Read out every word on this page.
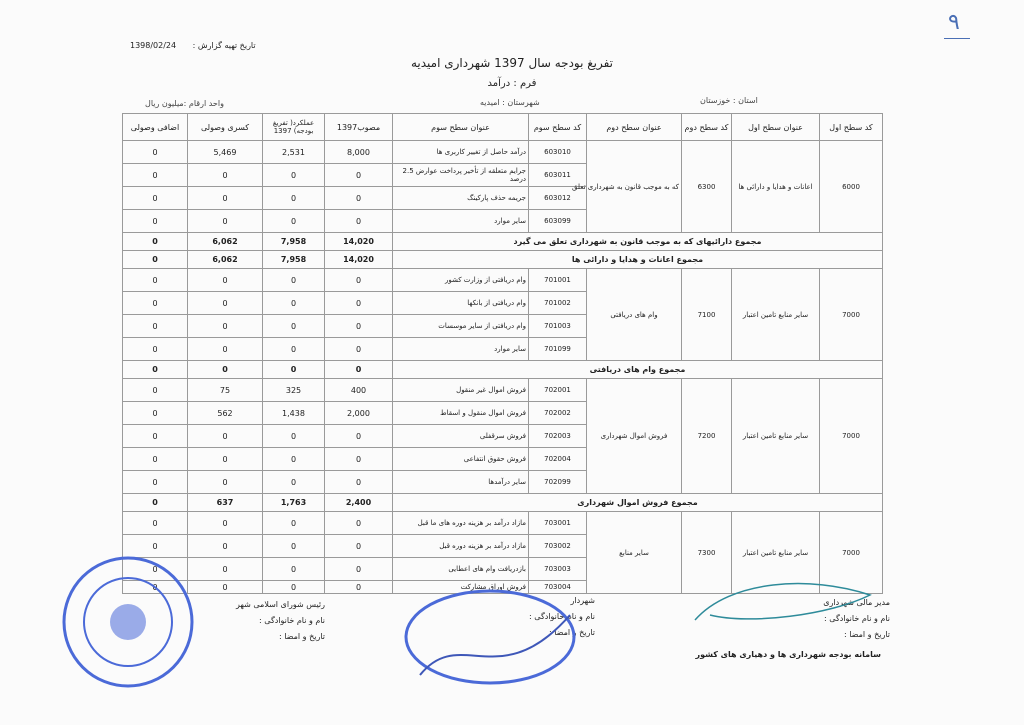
٩
تاریخ تهیه گزارش : 1398/02/24
تفریغ بودجه سال 1397 شهرداری امیدیه
فرم : درآمد
واحد ارقام :میلیون ریال	شهرستان : امیدیه	استان : خوزستان
کد سطح اول	عنوان سطح اول	کد سطح دوم	عنوان سطح دوم	کد سطح سوم	عنوان سطح سوم	مصوب1397	عملکرد( تفریغ بودجه) 1397	کسری وصولی	اضافی وصولی
6000	اعانات و هدایا و دارائی ها	6300	که به موجب قانون به شهرداری تعلق	603010	درآمد حاصل از تغییر کاربری ها	8,000	2,531	5,469	0
				603011	جرایم متعلقه از تأخیر پرداخت عوارض 2.5 درصد	0	0	0	0
				603012	جریمه حذف پارکینگ	0	0	0	0
				603099	سایر موارد	0	0	0	0
مجموع دارائیهای که به موجب قانون به شهرداری تعلق می گیرد						14,020	7,958	6,062	0
مجموع اعانات و هدایا و دارائی ها						14,020	7,958	6,062	0
7000	سایر منابع تامین اعتبار	7100	وام های دریافتی	701001	وام دریافتی از وزارت کشور	0	0	0	0
				701002	وام دریافتی از بانکها	0	0	0	0
				701003	وام دریافتی از سایر موسسات	0	0	0	0
				701099	سایر موارد	0	0	0	0
مجموع وام های دریافتی						0	0	0	0
7000	سایر منابع تامین اعتبار	7200	فروش اموال شهرداری	702001	فروش اموال غیر منقول	400	325	75	0
				702002	فروش اموال منقول و اسقاط	2,000	1,438	562	0
				702003	فروش سرقفلی	0	0	0	0
				702004	فروش حقوق انتفاعی	0	0	0	0
				702099	سایر درآمدها	0	0	0	0
مجموع فروش اموال شهرداری						2,400	1,763	637	0
7000	سایر منابع تامین اعتبار	7300	سایر منابع	703001	مازاد درآمد بر هزینه دوره های ما قبل	0	0	0	0
				703002	مازاد درآمد بر هزینه دوره قبل	0	0	0	0
				703003	بازدریافت وام های اعطایی	0	0	0	0
				703004	فروش اوراق مشارکت	0	0	0	0
مدیر مالی شهرداری
نام و نام خانوادگی :
تاریخ و امضا :
سامانه بودجه شهرداری ها و دهیاری های کشور
شهردار
نام و نام خانوادگی :
تاریخ و امضا :
رئیس شورای اسلامی شهر
نام و نام خانوادگی :
تاریخ و امضا :
